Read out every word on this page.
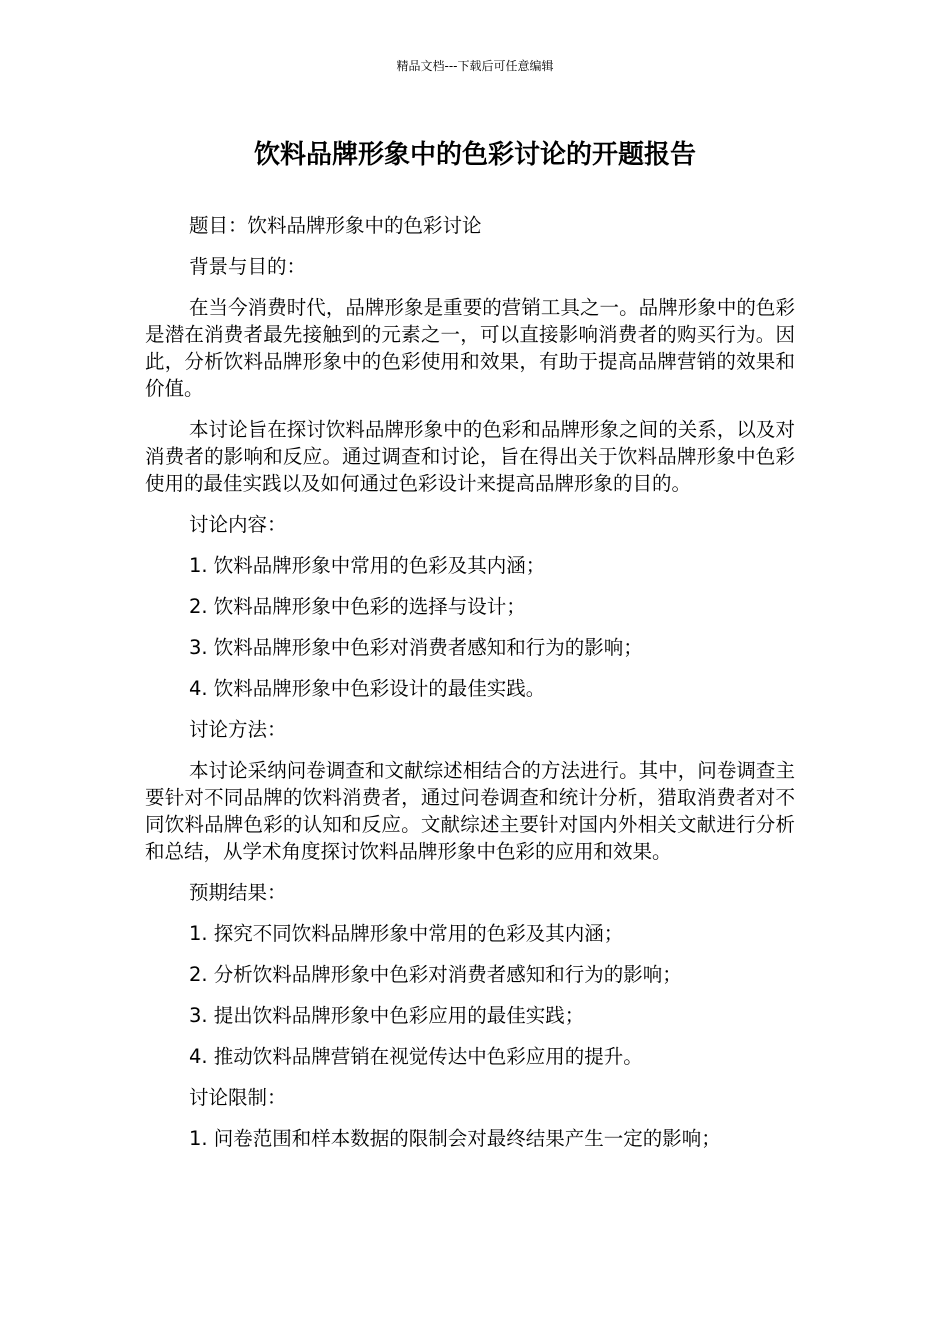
精品文档---下载后可任意编辑
饮料品牌形象中的色彩讨论的开题报告

题目：饮料品牌形象中的色彩讨论

背景与目的：

在当今消费时代，品牌形象是重要的营销工具之一。品牌形象中的色彩是潜在消费者最先接触到的元素之一，可以直接影响消费者的购买行为。因此，分析饮料品牌形象中的色彩使用和效果，有助于提高品牌营销的效果和价值。

本讨论旨在探讨饮料品牌形象中的色彩和品牌形象之间的关系，以及对消费者的影响和反应。通过调查和讨论，旨在得出关于饮料品牌形象中色彩使用的最佳实践以及如何通过色彩设计来提高品牌形象的目的。

讨论内容：

1. 饮料品牌形象中常用的色彩及其内涵；

2. 饮料品牌形象中色彩的选择与设计；

3. 饮料品牌形象中色彩对消费者感知和行为的影响；

4. 饮料品牌形象中色彩设计的最佳实践。

讨论方法：

本讨论采纳问卷调查和文献综述相结合的方法进行。其中，问卷调查主要针对不同品牌的饮料消费者，通过问卷调查和统计分析，猎取消费者对不同饮料品牌色彩的认知和反应。文献综述主要针对国内外相关文献进行分析和总结，从学术角度探讨饮料品牌形象中色彩的应用和效果。

预期结果：

1. 探究不同饮料品牌形象中常用的色彩及其内涵；

2. 分析饮料品牌形象中色彩对消费者感知和行为的影响；

3. 提出饮料品牌形象中色彩应用的最佳实践；

4. 推动饮料品牌营销在视觉传达中色彩应用的提升。

讨论限制：

1. 问卷范围和样本数据的限制会对最终结果产生一定的影响；
